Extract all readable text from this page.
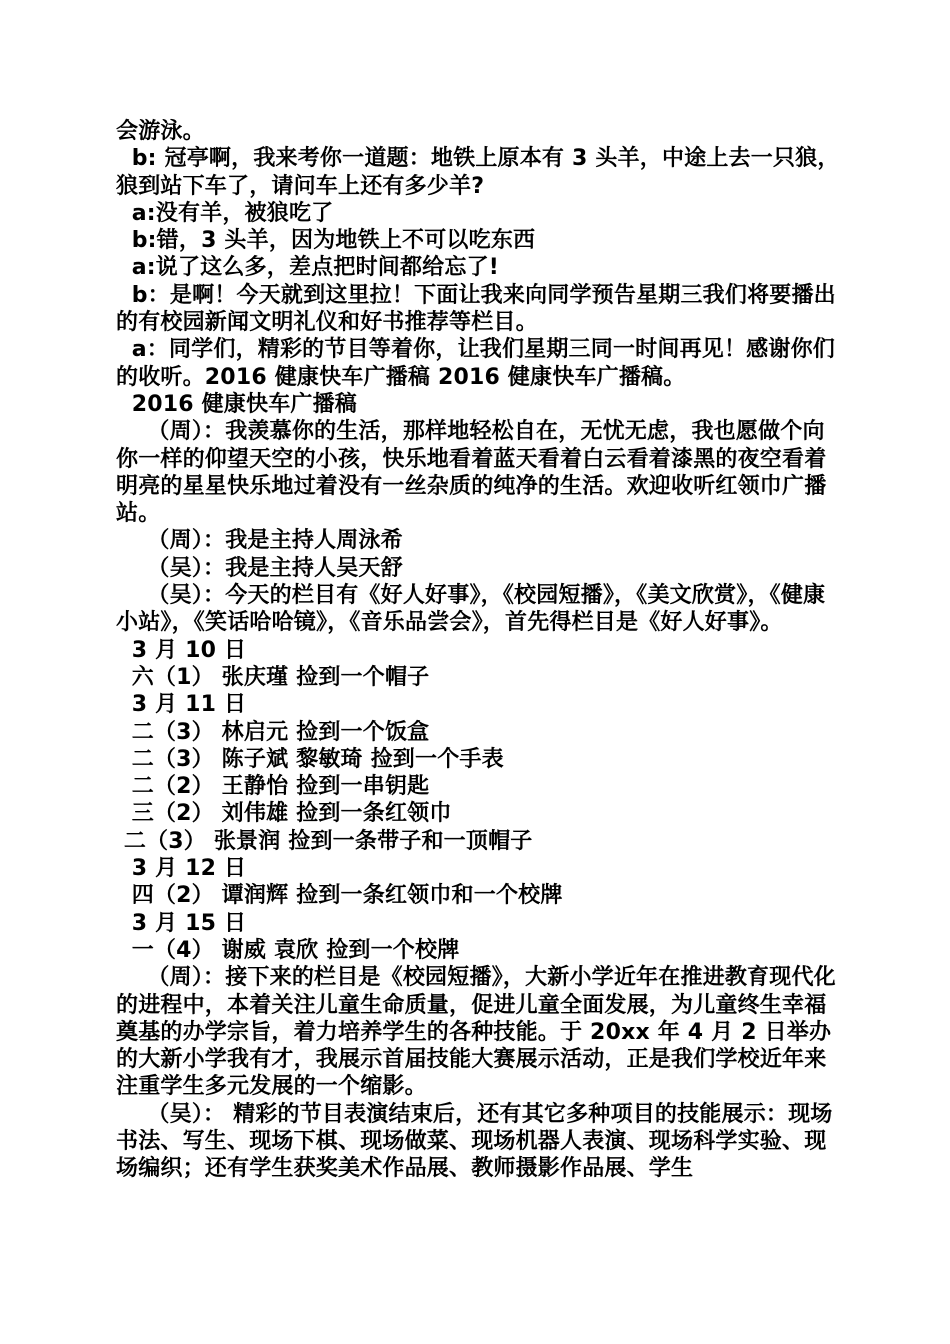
会游泳。

b: 冠亭啊，我来考你一道题：地铁上原本有 3 头羊，中途上去一只狼，狼到站下车了，请问车上还有多少羊?

a:没有羊，被狼吃了

b:错，3 头羊，因为地铁上不可以吃东西

a:说了这么多，差点把时间都给忘了!

b：是啊！今天就到这里拉！下面让我来向同学预告星期三我们将要播出的有校园新闻文明礼仪和好书推荐等栏目。

a：同学们，精彩的节目等着你，让我们星期三同一时间再见！感谢你们的收听。2016 健康快车广播稿 2016 健康快车广播稿。

2016 健康快车广播稿

（周）：我羡慕你的生活，那样地轻松自在，无忧无虑，我也愿做个向你一样的仰望天空的小孩，快乐地看着蓝天看着白云看着漆黑的夜空看着明亮的星星快乐地过着没有一丝杂质的纯净的生活。欢迎收听红领巾广播站。

（周）：我是主持人周泳希

（吴）：我是主持人吴天舒

（吴）：今天的栏目有《好人好事》，《校园短播》，《美文欣赏》，《健康小站》，《笑话哈哈镜》，《音乐品尝会》，首先得栏目是《好人好事》。

3 月 10 日

六（1） 张庆瑾 捡到一个帽子

3 月 11 日

二（3） 林启元 捡到一个饭盒

二（3） 陈子斌 黎敏琦 捡到一个手表

二（2） 王静怡 捡到一串钥匙

三（2） 刘伟雄 捡到一条红领巾

二（3） 张景润 捡到一条带子和一顶帽子

3 月 12 日

四（2） 谭润辉 捡到一条红领巾和一个校牌

3 月 15 日

一（4） 谢威 袁欣 捡到一个校牌

（周）：接下来的栏目是《校园短播》，大新小学近年在推进教育现代化的进程中，本着关注儿童生命质量，促进儿童全面发展，为儿童终生幸福奠基的办学宗旨，着力培养学生的各种技能。于 20xx 年 4 月 2 日举办的大新小学我有才，我展示首届技能大赛展示活动，正是我们学校近年来注重学生多元发展的一个缩影。

（吴）： 精彩的节目表演结束后，还有其它多种项目的技能展示：现场书法、写生、现场下棋、现场做菜、现场机器人表演、现场科学实验、现场编织；还有学生获奖美术作品展、教师摄影作品展、学生
